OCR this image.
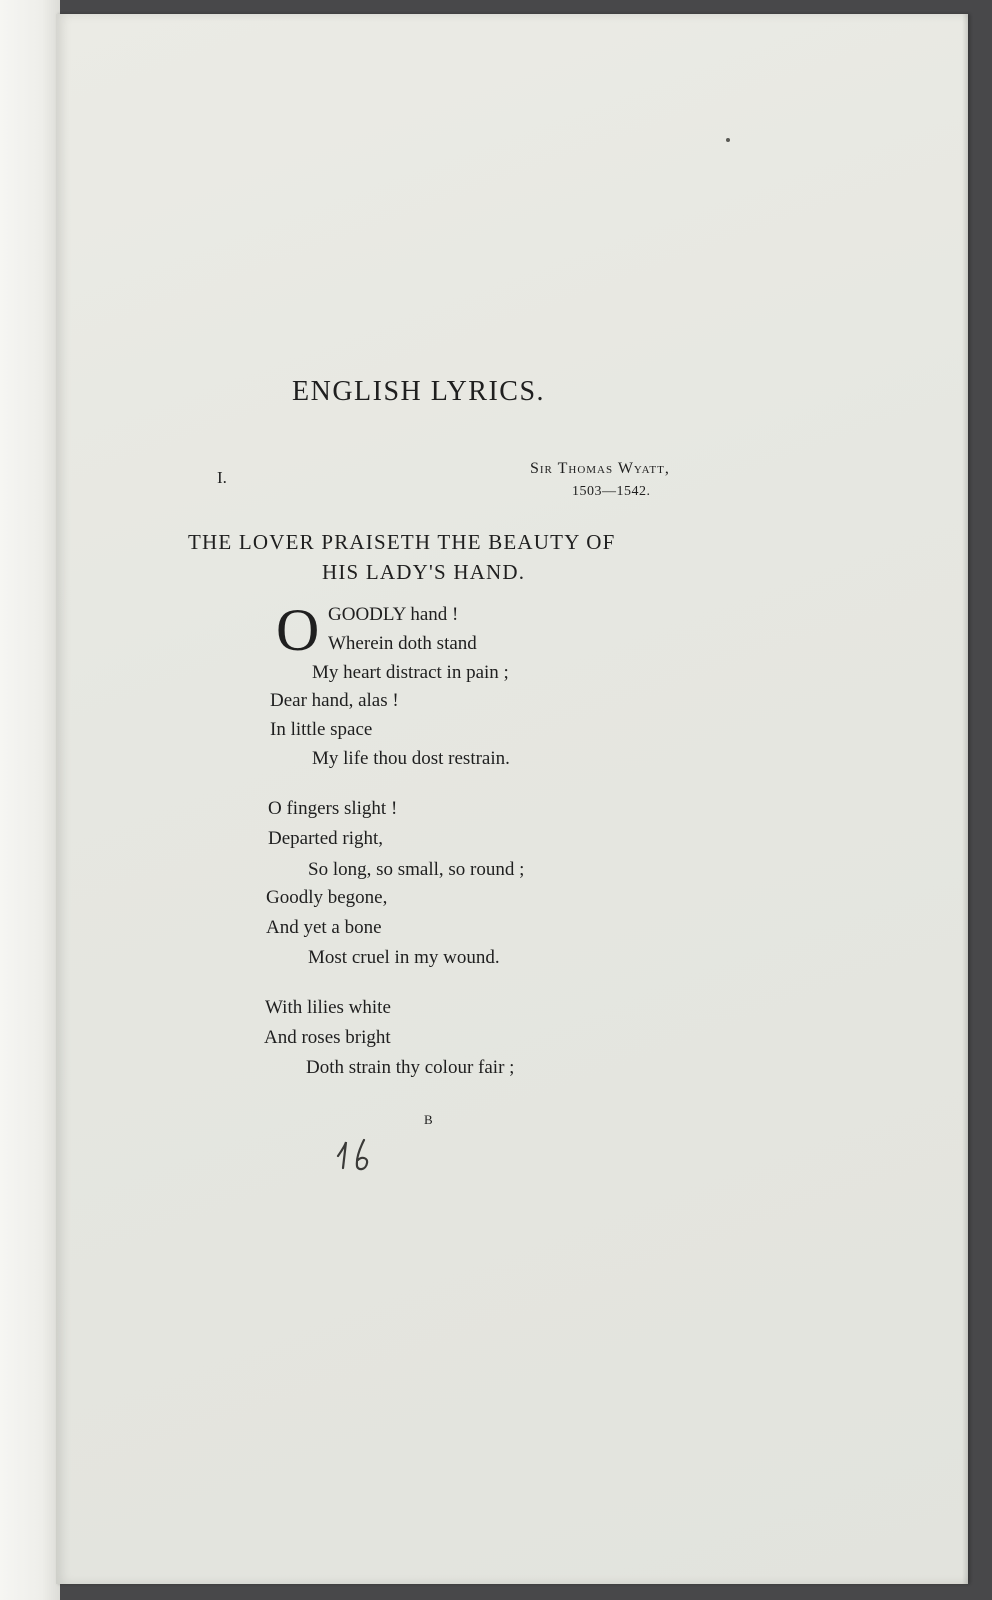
ENGLISH LYRICS.
I.	Sir Thomas Wyatt,
1503—1542.
THE LOVER PRAISETH THE BEAUTY OF
HIS LADY'S HAND.
O GOODLY hand !
Wherein doth stand
My heart distract in pain ;
Dear hand, alas !
In little space
My life thou dost restrain.
O fingers slight !
Departed right,
So long, so small, so round ;
Goodly begone,
And yet a bone
Most cruel in my wound.
With lilies white
And roses bright
Doth strain thy colour fair ;
B
